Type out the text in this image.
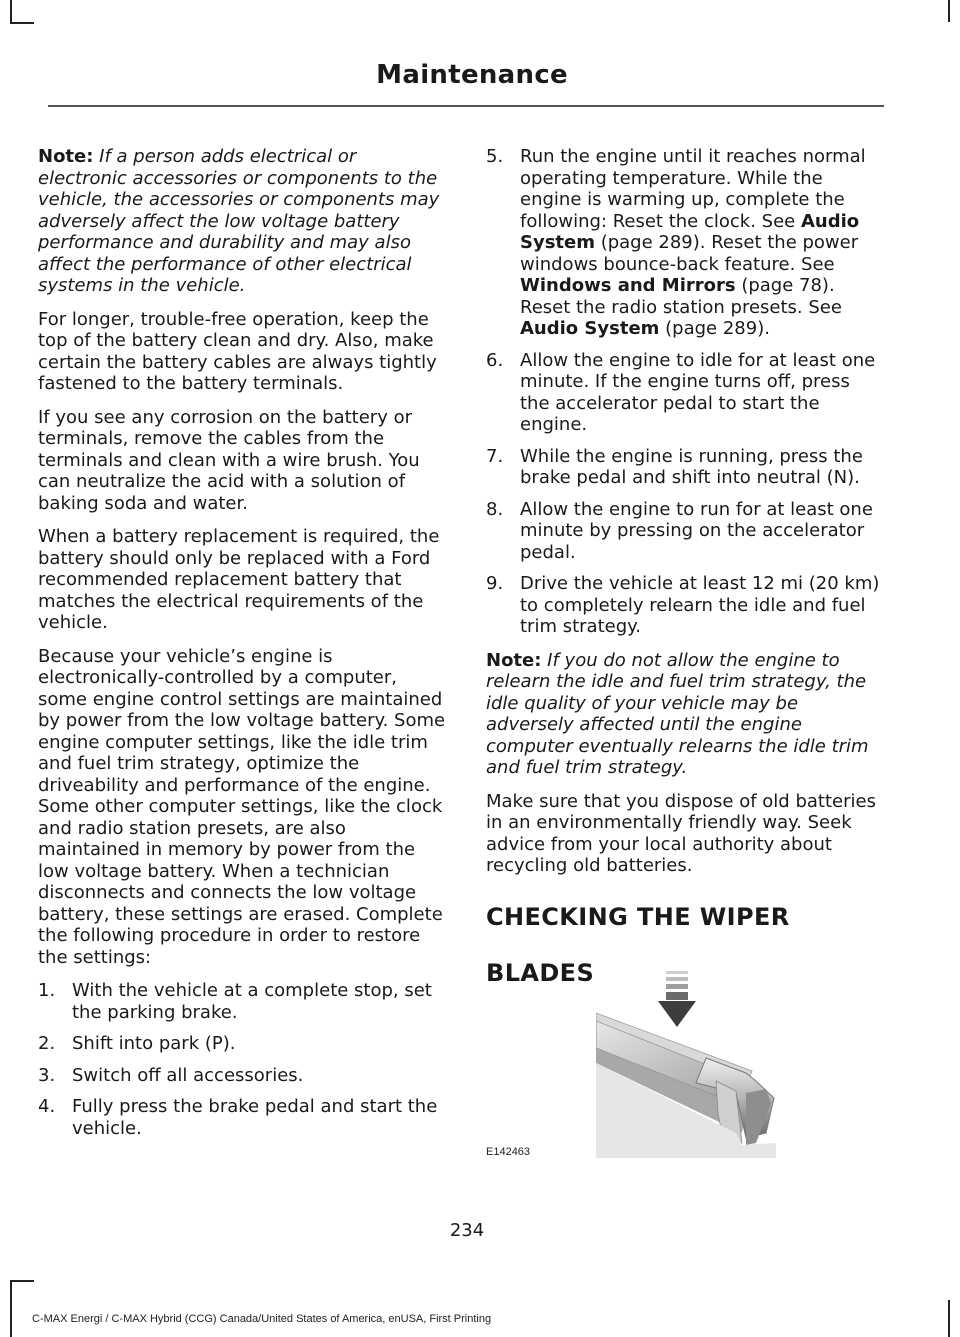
Maintenance

Note: If a person adds electrical or electronic accessories or components to the vehicle, the accessories or components may adversely affect the low voltage battery performance and durability and may also affect the performance of other electrical systems in the vehicle.

For longer, trouble-free operation, keep the top of the battery clean and dry. Also, make certain the battery cables are always tightly fastened to the battery terminals.

If you see any corrosion on the battery or terminals, remove the cables from the terminals and clean with a wire brush. You can neutralize the acid with a solution of baking soda and water.

When a battery replacement is required, the battery should only be replaced with a Ford recommended replacement battery that matches the electrical requirements of the vehicle.

Because your vehicle’s engine is electronically-controlled by a computer, some engine control settings are maintained by power from the low voltage battery. Some engine computer settings, like the idle trim and fuel trim strategy, optimize the driveability and performance of the engine. Some other computer settings, like the clock and radio station presets, are also maintained in memory by power from the low voltage battery. When a technician disconnects and connects the low voltage battery, these settings are erased. Complete the following procedure in order to restore the settings:

1. With the vehicle at a complete stop, set the parking brake.
2. Shift into park (P).
3. Switch off all accessories.
4. Fully press the brake pedal and start the vehicle.
5. Run the engine until it reaches normal operating temperature. While the engine is warming up, complete the following: Reset the clock. See Audio System (page 289). Reset the power windows bounce-back feature. See Windows and Mirrors (page 78). Reset the radio station presets. See Audio System (page 289).
6. Allow the engine to idle for at least one minute. If the engine turns off, press the accelerator pedal to start the engine.
7. While the engine is running, press the brake pedal and shift into neutral (N).
8. Allow the engine to run for at least one minute by pressing on the accelerator pedal.
9. Drive the vehicle at least 12 mi (20 km) to completely relearn the idle and fuel trim strategy.

Note: If you do not allow the engine to relearn the idle and fuel trim strategy, the idle quality of your vehicle may be adversely affected until the engine computer eventually relearns the idle trim and fuel trim strategy.

Make sure that you dispose of old batteries in an environmentally friendly way. Seek advice from your local authority about recycling old batteries.

CHECKING THE WIPER
BLADES
E142463
234
C-MAX Energi / C-MAX Hybrid (CCG) Canada/United States of America, enUSA, First Printing
